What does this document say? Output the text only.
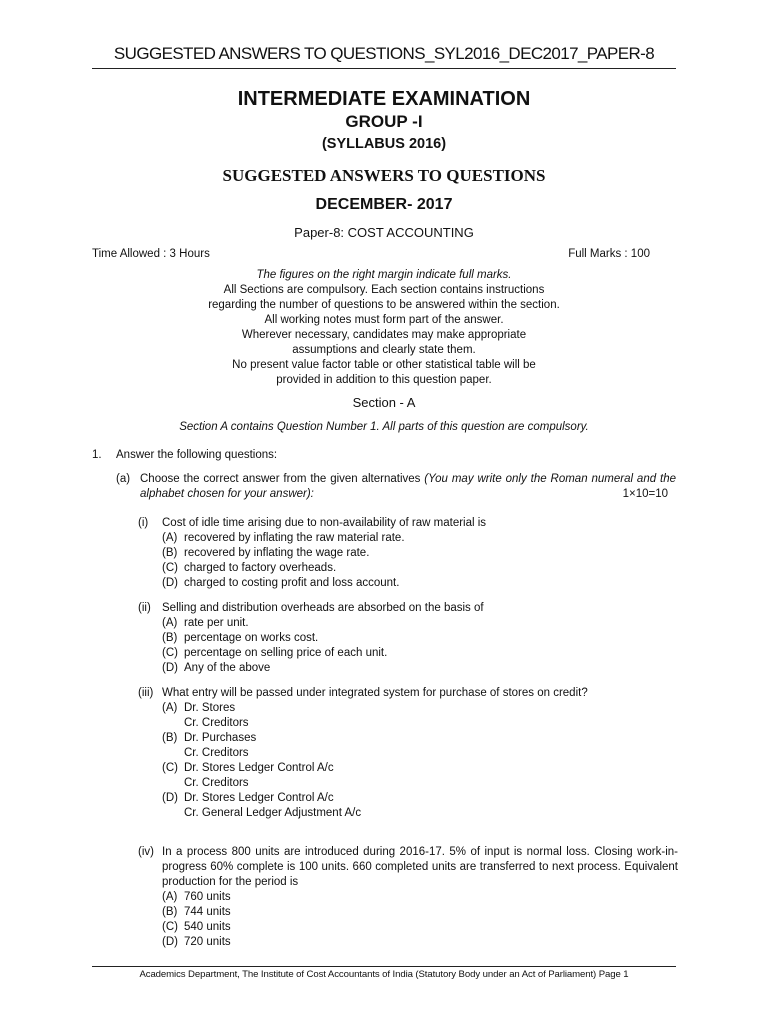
SUGGESTED ANSWERS TO QUESTIONS_SYL2016_DEC2017_PAPER-8
INTERMEDIATE EXAMINATION
GROUP -I
(SYLLABUS 2016)
SUGGESTED ANSWERS TO QUESTIONS
DECEMBER- 2017
Paper-8: COST ACCOUNTING
Time Allowed : 3 Hours	Full Marks : 100
The figures on the right margin indicate full marks.
All Sections are compulsory. Each section contains instructions
regarding the number of questions to be answered within the section.
All working notes must form part of the answer.
Wherever necessary, candidates may make appropriate
assumptions and clearly state them.
No present value factor table or other statistical table will be
provided in addition to this question paper.
Section - A
Section A contains Question Number 1. All parts of this question are compulsory.
1. Answer the following questions:
(a) Choose the correct answer from the given alternatives (You may write only the Roman numeral and the alphabet chosen for your answer):	1×10=10
(i) Cost of idle time arising due to non-availability of raw material is
(A) recovered by inflating the raw material rate.
(B) recovered by inflating the wage rate.
(C) charged to factory overheads.
(D) charged to costing profit and loss account.
(ii) Selling and distribution overheads are absorbed on the basis of
(A) rate per unit.
(B) percentage on works cost.
(C) percentage on selling price of each unit.
(D) Any of the above
(iii) What entry will be passed under integrated system for purchase of stores on credit?
(A) Dr. Stores
Cr. Creditors
(B) Dr. Purchases
Cr. Creditors
(C) Dr. Stores Ledger Control A/c
Cr. Creditors
(D) Dr. Stores Ledger Control A/c
Cr. General Ledger Adjustment A/c
(iv) In a process 800 units are introduced during 2016-17. 5% of input is normal loss. Closing work-in-progress 60% complete is 100 units. 660 completed units are transferred to next process. Equivalent production for the period is
(A) 760 units
(B) 744 units
(C) 540 units
(D) 720 units
Academics Department, The Institute of Cost Accountants of India (Statutory Body under an Act of Parliament) Page 1
